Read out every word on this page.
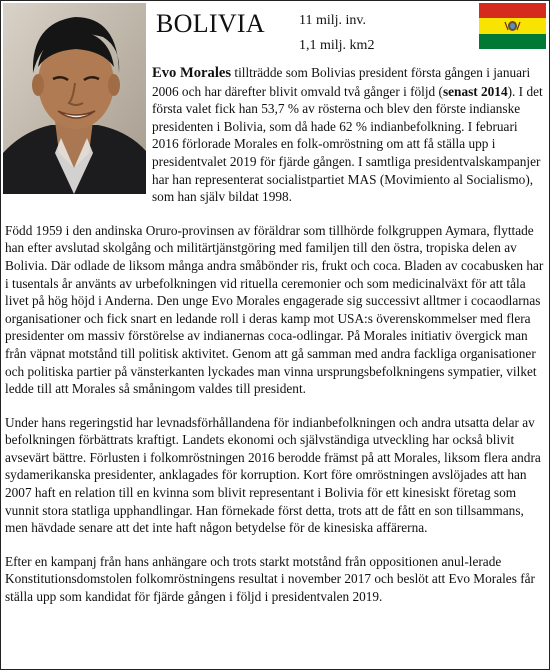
BOLIVIA 11 milj. inv.
1,1 milj. km2

Evo Morales tillträdde som Bolivias president första gången i januari 2006 och har därefter blivit omvald två gånger i följd (senast 2014). I det första valet fick han 53,7 % av rösterna och blev den förste indianske presidenten i Bolivia, som då hade 62 % indianbefolkning. I februari 2016 förlorade Morales en folk-omröstning om att få ställa upp i presidentvalet 2019 för fjärde gången. I samtliga presidentvalskampanjer har han representerat socialistpartiet MAS (Movimiento al Socialismo), som han själv bildat 1998.

Född 1959 i den andinska Oruro-provinsen av föräldrar som tillhörde folkgruppen Aymara, flyttade han efter avslutad skolgång och militärtjänstgöring med familjen till den östra, tropiska delen av Bolivia. Där odlade de liksom många andra småbönder ris, frukt och coca. Bladen av cocabusken har i tusentals år använts av urbefolkningen vid rituella ceremonier och som medicinalväxt för att tåla livet på hög höjd i Anderna. Den unge Evo Morales engagerade sig successivt alltmer i cocaodlarnas organisationer och fick snart en ledande roll i deras kamp mot USA:s överenskommelser med flera presidenter om massiv förstörelse av indianernas coca-odlingar. På Morales initiativ övergick man från väpnat motstånd till politisk aktivitet. Genom att gå samman med andra fackliga organisationer och politiska partier på vänsterkanten lyckades man vinna ursprungsbefolkningens sympatier, vilket ledde till att Morales så småningom valdes till president.

Under hans regeringstid har levnadsförhållandena för indianbefolkningen och andra utsatta delar av befolkningen förbättrats kraftigt. Landets ekonomi och självständiga utveckling har också blivit avsevärt bättre. Förlusten i folkomröstningen 2016 berodde främst på att Morales, liksom flera andra sydamerikanska presidenter, anklagades för korruption. Kort före omröstningen avslöjades att han 2007 haft en relation till en kvinna som blivit representant i Bolivia för ett kinesiskt företag som vunnit stora statliga upphandlingar. Han förnekade först detta, trots att de fått en son tillsammans, men hävdade senare att det inte haft någon betydelse för de kinesiska affärerna.

Efter en kampanj från hans anhängare och trots starkt motstånd från oppositionen anul-lerade Konstitutionsdomstolen folkomröstningens resultat i november 2017 och beslöt att Evo Morales får ställa upp som kandidat för fjärde gången i följd i presidentvalen 2019.
